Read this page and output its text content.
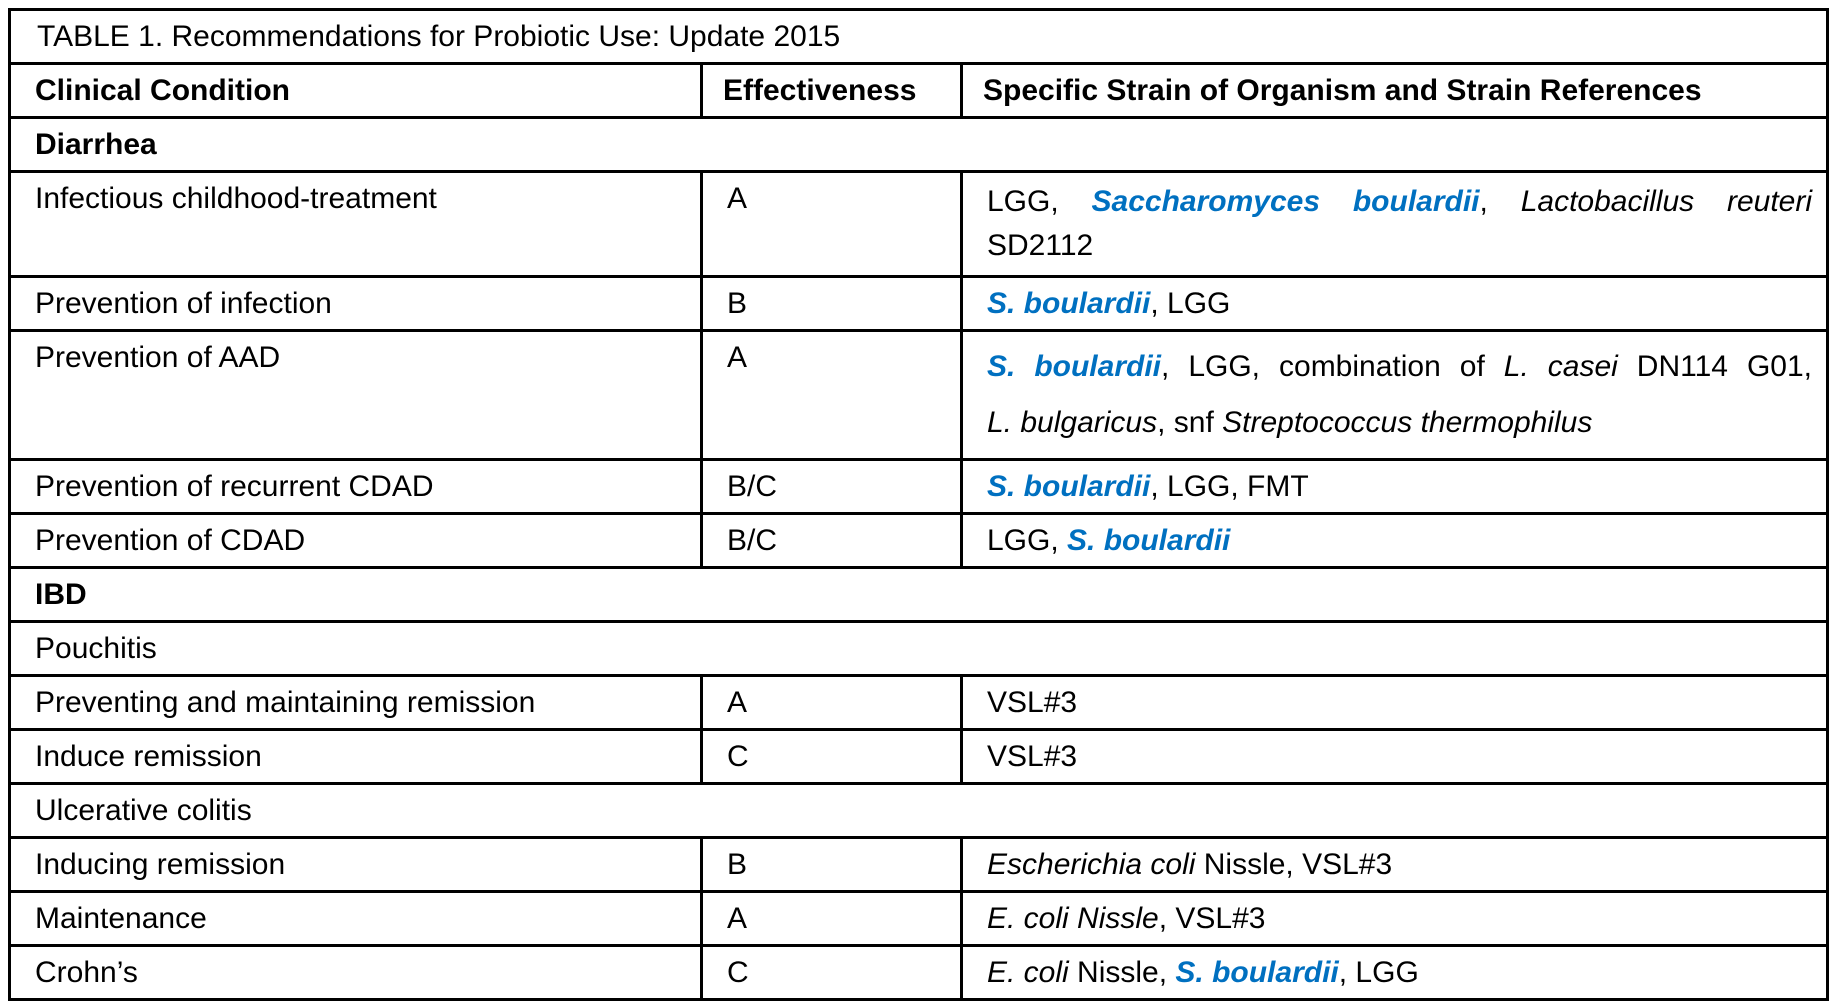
TABLE 1. Recommendations for Probiotic Use: Update 2015		
Clinical Condition	Effectiveness	Specific Strain of Organism and Strain References
Diarrhea		
Infectious childhood-treatment	A	LGG, Saccharomyces boulardii, Lactobacillus reuteri
SD2112

Prevention of infection	B	S. boulardii, LGG

Prevention of AAD	A	S. boulardii, LGG, combination of L. casei DN114 G01,
L. bulgaricus, snf Streptococcus thermophilus

Prevention of recurrent CDAD	B/C	S. boulardii, LGG, FMT

Prevention of CDAD	B/C	LGG, S. boulardii

IBD		
Pouchitis		
Preventing and maintaining remission	A	VSL#3

Induce remission	C	VSL#3

Ulcerative colitis		
Inducing remission	B	Escherichia coli Nissle, VSL#3

Maintenance	A	E. coli Nissle, VSL#3

Crohn’s	C	E. coli Nissle, S. boulardii, LGG
